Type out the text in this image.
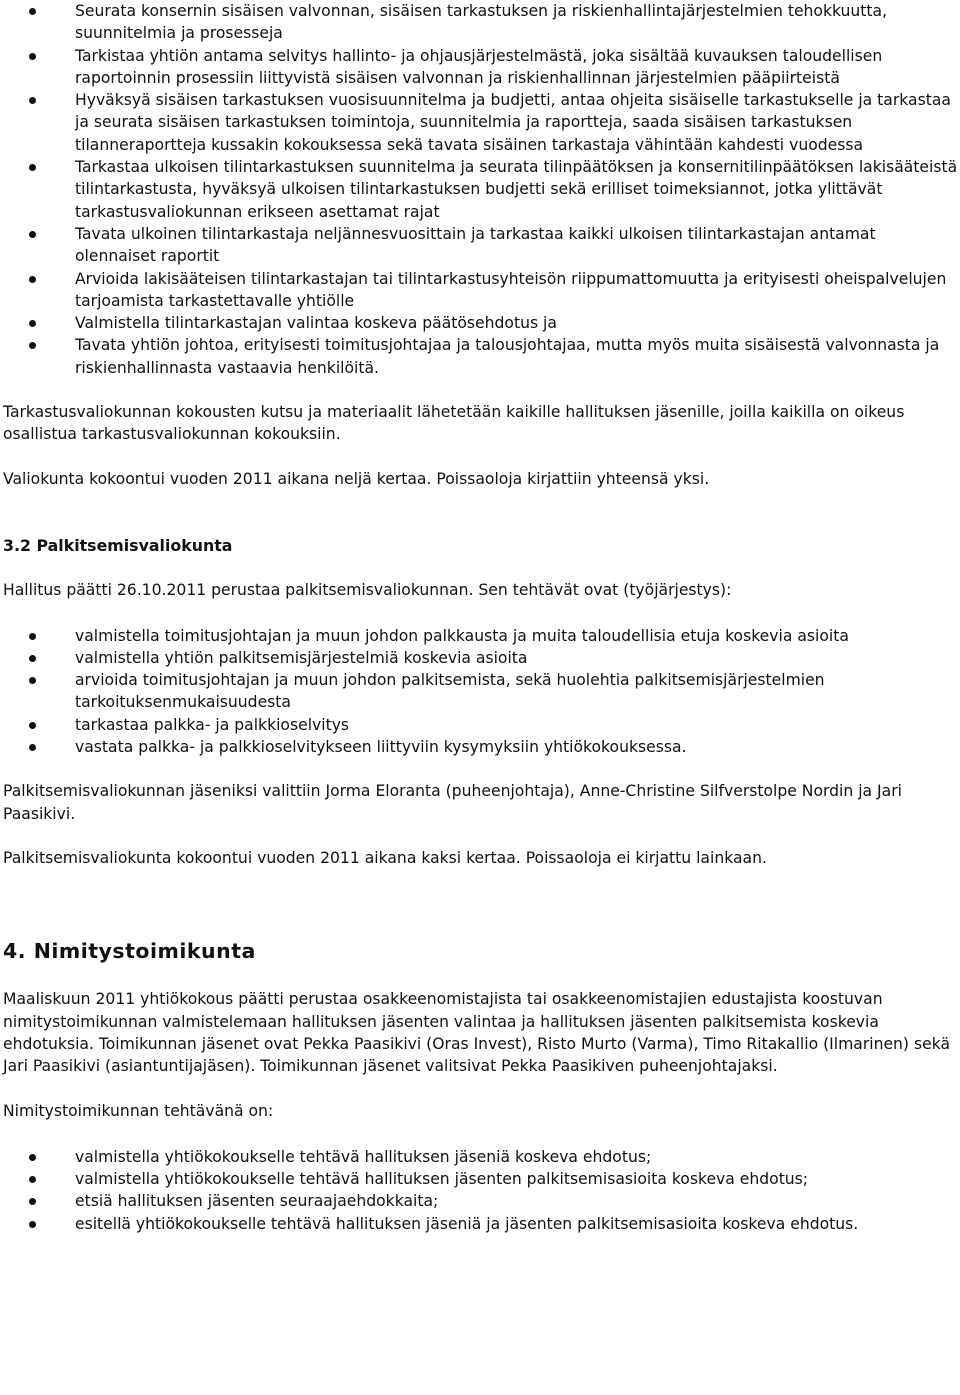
Seurata konsernin sisäisen valvonnan, sisäisen tarkastuksen ja riskienhallintajärjestelmien tehokkuutta, suunnitelmia ja prosesseja
Tarkistaa yhtiön antama selvitys hallinto- ja ohjausjärjestelmästä, joka sisältää kuvauksen taloudellisen raportoinnin prosessiin liittyvistä sisäisen valvonnan ja riskienhallinnan järjestelmien pääpiirteistä
Hyväksyä sisäisen tarkastuksen vuosisuunnitelma ja budjetti, antaa ohjeita sisäiselle tarkastukselle ja tarkastaa ja seurata sisäisen tarkastuksen toimintoja, suunnitelmia ja raportteja, saada sisäisen tarkastuksen tilanneraportteja kussakin kokouksessa sekä tavata sisäinen tarkastaja vähintään kahdesti vuodessa
Tarkastaa ulkoisen tilintarkastuksen suunnitelma ja seurata tilinpäätöksen ja konsernitilinpäätöksen lakisääteistä tilintarkastusta, hyväksyä ulkoisen tilintarkastuksen budjetti sekä erilliset toimeksiannot, jotka ylittävät tarkastusvaliokunnan erikseen asettamat rajat
Tavata ulkoinen tilintarkastaja neljännesvuosittain ja tarkastaa kaikki ulkoisen tilintarkastajan antamat olennaiset raportit
Arvioida lakisääteisen tilintarkastajan tai tilintarkastusyhteisön riippumattomuutta ja erityisesti oheispalvelujen tarjoamista tarkastettavalle yhtiölle
Valmistella tilintarkastajan valintaa koskeva päätösehdotus ja
Tavata yhtiön johtoa, erityisesti toimitusjohtajaa ja talousjohtajaa, mutta myös muita sisäisestä valvonnasta ja riskienhallinnasta vastaavia henkilöitä.

Tarkastusvaliokunnan kokousten kutsu ja materiaalit lähetetään kaikille hallituksen jäsenille, joilla kaikilla on oikeus osallistua tarkastusvaliokunnan kokouksiin.

Valiokunta kokoontui vuoden 2011 aikana neljä kertaa. Poissaoloja kirjattiin yhteensä yksi.

3.2 Palkitsemisvaliokunta

Hallitus päätti 26.10.2011 perustaa palkitsemisvaliokunnan. Sen tehtävät ovat (työjärjestys):

valmistella toimitusjohtajan ja muun johdon palkkausta ja muita taloudellisia etuja koskevia asioita
valmistella yhtiön palkitsemisjärjestelmiä koskevia asioita
arvioida toimitusjohtajan ja muun johdon palkitsemista, sekä huolehtia palkitsemisjärjestelmien tarkoituksenmukaisuudesta
tarkastaa palkka- ja palkkioselvitys
vastata palkka- ja palkkioselvitykseen liittyviin kysymyksiin yhtiökokouksessa.

Palkitsemisvaliokunnan jäseniksi valittiin Jorma Eloranta (puheenjohtaja), Anne-Christine Silfverstolpe Nordin ja Jari Paasikivi.

Palkitsemisvaliokunta kokoontui vuoden 2011 aikana kaksi kertaa. Poissaoloja ei kirjattu lainkaan.

4. Nimitystoimikunta

Maaliskuun 2011 yhtiökokous päätti perustaa osakkeenomistajista tai osakkeenomistajien edustajista koostuvan nimitystoimikunnan valmistelemaan hallituksen jäsenten valintaa ja hallituksen jäsenten palkitsemista koskevia ehdotuksia. Toimikunnan jäsenet ovat Pekka Paasikivi (Oras Invest), Risto Murto (Varma), Timo Ritakallio (Ilmarinen) sekä Jari Paasikivi (asiantuntijajäsen). Toimikunnan jäsenet valitsivat Pekka Paasikiven puheenjohtajaksi.

Nimitystoimikunnan tehtävänä on:

valmistella yhtiökokoukselle tehtävä hallituksen jäseniä koskeva ehdotus;
valmistella yhtiökokoukselle tehtävä hallituksen jäsenten palkitsemisasioita koskeva ehdotus;
etsiä hallituksen jäsenten seuraajaehdokkaita;
esitellä yhtiökokoukselle tehtävä hallituksen jäseniä ja jäsenten palkitsemisasioita koskeva ehdotus.
